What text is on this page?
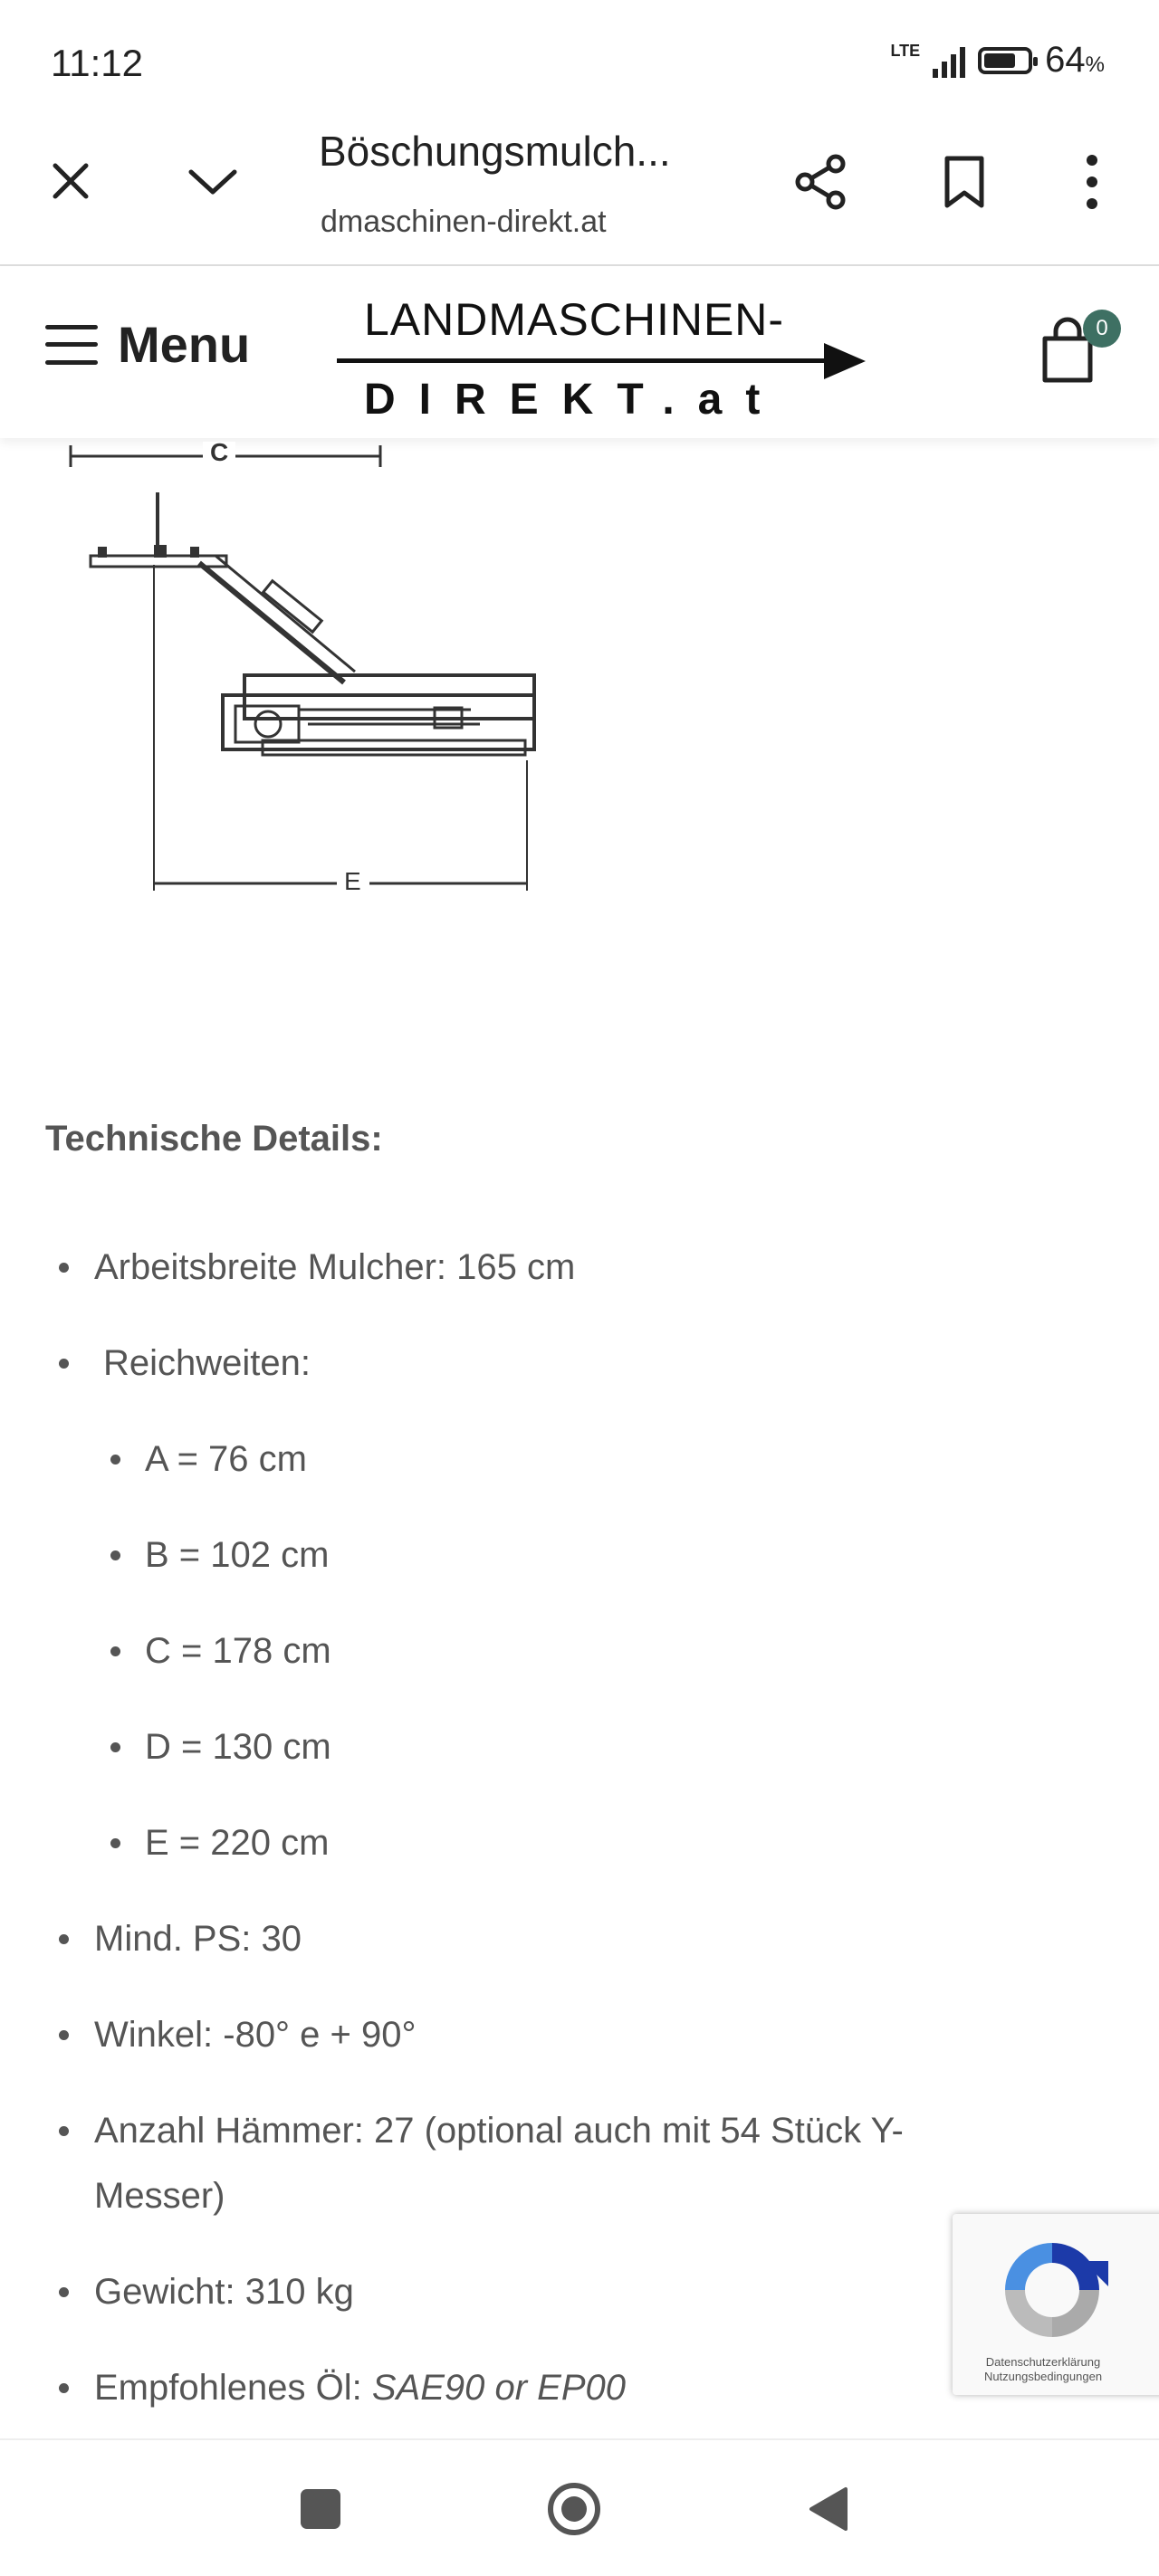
11:12	LTE	64%
Böschungsmulch...
dmaschinen-direkt.at
Menu	LANDMASCHINEN-
DIREKT.at
0
C
E
Technische Details:
Arbeitsbreite Mulcher: 165 cm
Reichweiten:
A = 76 cm
B = 102 cm
C = 178 cm
D = 130 cm
E = 220 cm
Mind. PS: 30
Winkel: -80° e + 90°
Anzahl Hämmer: 27 (optional auch mit 54 Stück Y-
Messer)
Gewicht: 310 kg
Empfohlenes Öl: SAE90 or EP00
Datenschutzerklärung
Nutzungsbedingungen
